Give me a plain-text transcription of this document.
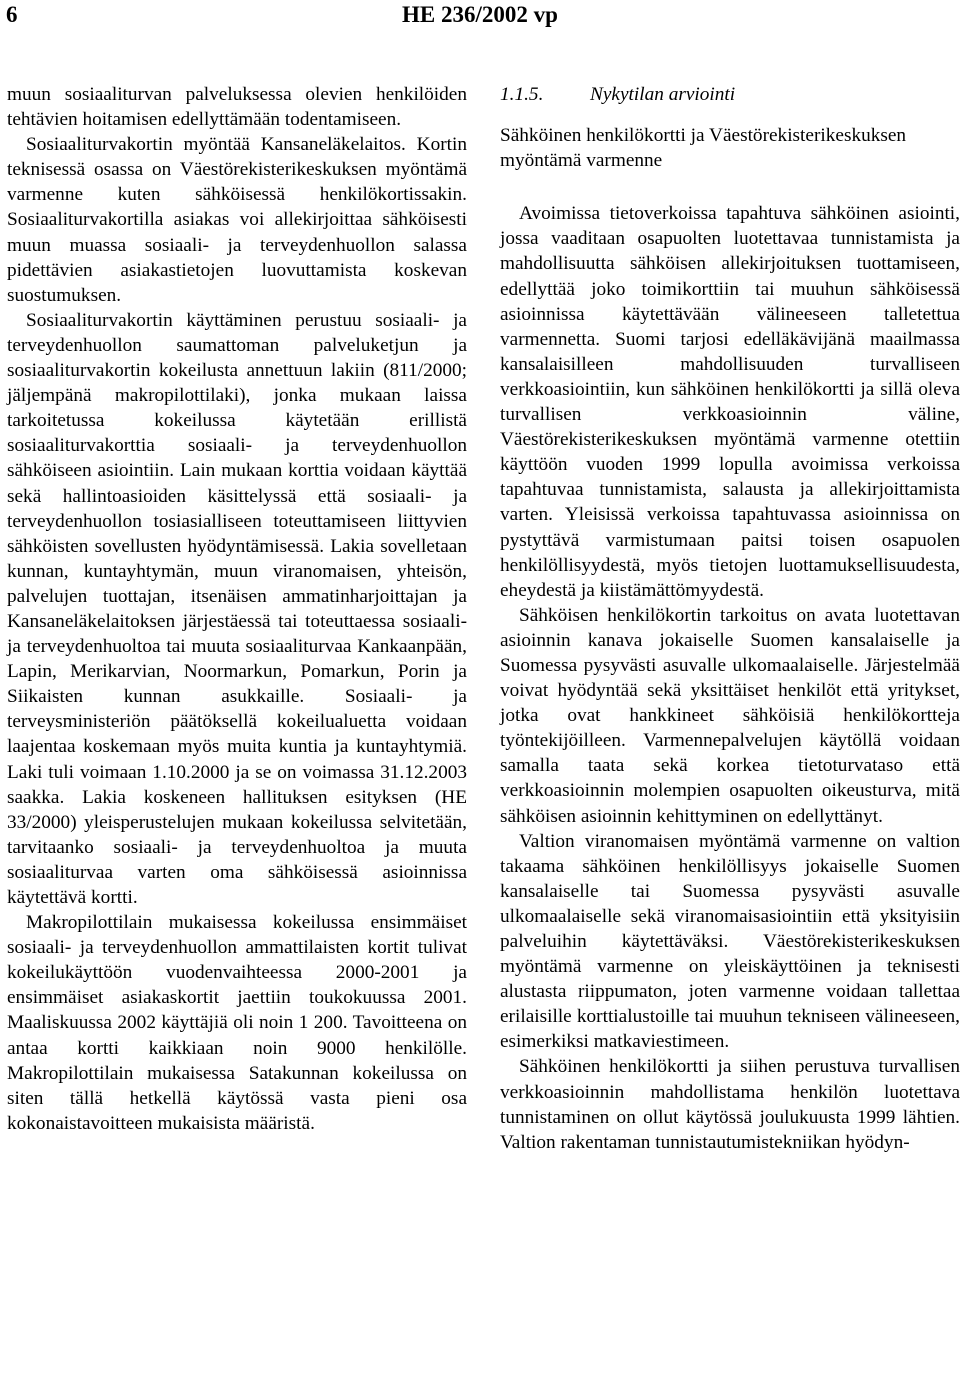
6	HE 236/2002 vp

muun sosiaaliturvan palveluksessa olevien henkilöiden tehtävien hoitamisen edellyttämään todentamiseen.

Sosiaaliturvakortin myöntää Kansaneläkelaitos. Kortin teknisessä osassa on Väestörekisterikeskuksen myöntämä varmenne kuten sähköisessä henkilökortissakin. Sosiaaliturvakortilla asiakas voi allekirjoittaa sähköisesti muun muassa sosiaali- ja terveydenhuollon salassa pidettävien asiakastietojen luovuttamista koskevan suostumuksen.

Sosiaaliturvakortin käyttäminen perustuu sosiaali- ja terveydenhuollon saumattoman palveluketjun ja sosiaaliturvakortin kokeilusta annettuun lakiin (811/2000; jäljempänä makropilottilaki), jonka mukaan laissa tarkoitetussa kokeilussa käytetään erillistä sosiaaliturvakorttia sosiaali- ja terveydenhuollon sähköiseen asiointiin. Lain mukaan korttia voidaan käyttää sekä hallintoasioiden käsittelyssä että sosiaali- ja terveydenhuollon tosiasialliseen toteuttamiseen liittyvien sähköisten sovellusten hyödyntämisessä. Lakia sovelletaan kunnan, kuntayhtymän, muun viranomaisen, yhteisön, palvelujen tuottajan, itsenäisen ammatinharjoittajan ja Kansaneläkelaitoksen järjestäessä tai toteuttaessa sosiaali- ja terveydenhuoltoa tai muuta sosiaaliturvaa Kankaanpään, Lapin, Merikarvian, Noormarkun, Pomarkun, Porin ja Siikaisten kunnan asukkaille. Sosiaali- ja terveysministeriön päätöksellä kokeilualuetta voidaan laajentaa koskemaan myös muita kuntia ja kuntayhtymiä. Laki tuli voimaan 1.10.2000 ja se on voimassa 31.12.2003 saakka. Lakia koskeneen hallituksen esityksen (HE 33/2000) yleisperustelujen mukaan kokeilussa selvitetään, tarvitaanko sosiaali- ja terveydenhuoltoa ja muuta sosiaaliturvaa varten oma sähköisessä asioinnissa käytettävä kortti.

Makropilottilain mukaisessa kokeilussa ensimmäiset sosiaali- ja terveydenhuollon ammattilaisten kortit tulivat kokeilukäyttöön vuodenvaihteessa 2000-2001 ja ensimmäiset asiakaskortit jaettiin toukokuussa 2001. Maaliskuussa 2002 käyttäjiä oli noin 1 200. Tavoitteena on antaa kortti kaikkiaan noin 9000 henkilölle. Makropilottilain mukaisessa Satakunnan kokeilussa on siten tällä hetkellä käytössä vasta pieni osa kokonaistavoitteen mukaisista määristä.

1.1.5. Nykytilan arviointi

Sähköinen henkilökortti ja Väestörekisterikeskuksen myöntämä varmenne

Avoimissa tietoverkoissa tapahtuva sähköinen asiointi, jossa vaaditaan osapuolten luotettavaa tunnistamista ja mahdollisuutta sähköisen allekirjoituksen tuottamiseen, edellyttää joko toimikorttiin tai muuhun sähköisessä asioinnissa käytettävään välineeseen talletettua varmennetta. Suomi tarjosi edelläkävijänä maailmassa kansalaisilleen mahdollisuuden turvalliseen verkkoasiointiin, kun sähköinen henkilökortti ja sillä oleva turvallisen verkkoasioinnin väline, Väestörekisterikeskuksen myöntämä varmenne otettiin käyttöön vuoden 1999 lopulla avoimissa verkoissa tapahtuvaa tunnistamista, salausta ja allekirjoittamista varten. Yleisissä verkoissa tapahtuvassa asioinnissa on pystyttävä varmistumaan paitsi toisen osapuolen henkilöllisyydestä, myös tietojen luottamuksellisuudesta, eheydestä ja kiistämättömyydestä.

Sähköisen henkilökortin tarkoitus on avata luotettavan asioinnin kanava jokaiselle Suomen kansalaiselle ja Suomessa pysyvästi asuvalle ulkomaalaiselle. Järjestelmää voivat hyödyntää sekä yksittäiset henkilöt että yritykset, jotka ovat hankkineet sähköisiä henkilökortteja työntekijöilleen. Varmennepalvelujen käytöllä voidaan samalla taata sekä korkea tietoturvataso että verkkoasioinnin molempien osapuolten oikeusturva, mitä sähköisen asioinnin kehittyminen on edellyttänyt.

Valtion viranomaisen myöntämä varmenne on valtion takaama sähköinen henkilöllisyys jokaiselle Suomen kansalaiselle tai Suomessa pysyvästi asuvalle ulkomaalaiselle sekä viranomaisasiointiin että yksityisiin palveluihin käytettäväksi. Väestörekisterikeskuksen myöntämä varmenne on yleiskäyttöinen ja teknisesti alustasta riippumaton, joten varmenne voidaan tallettaa erilaisille korttialustoille tai muuhun tekniseen välineeseen, esimerkiksi matkaviestimeen.

Sähköinen henkilökortti ja siihen perustuva turvallisen verkkoasioinnin mahdollistama henkilön luotettava tunnistaminen on ollut käytössä joulukuusta 1999 lähtien. Valtion rakentaman tunnistautumistekniikan hyödyn-
